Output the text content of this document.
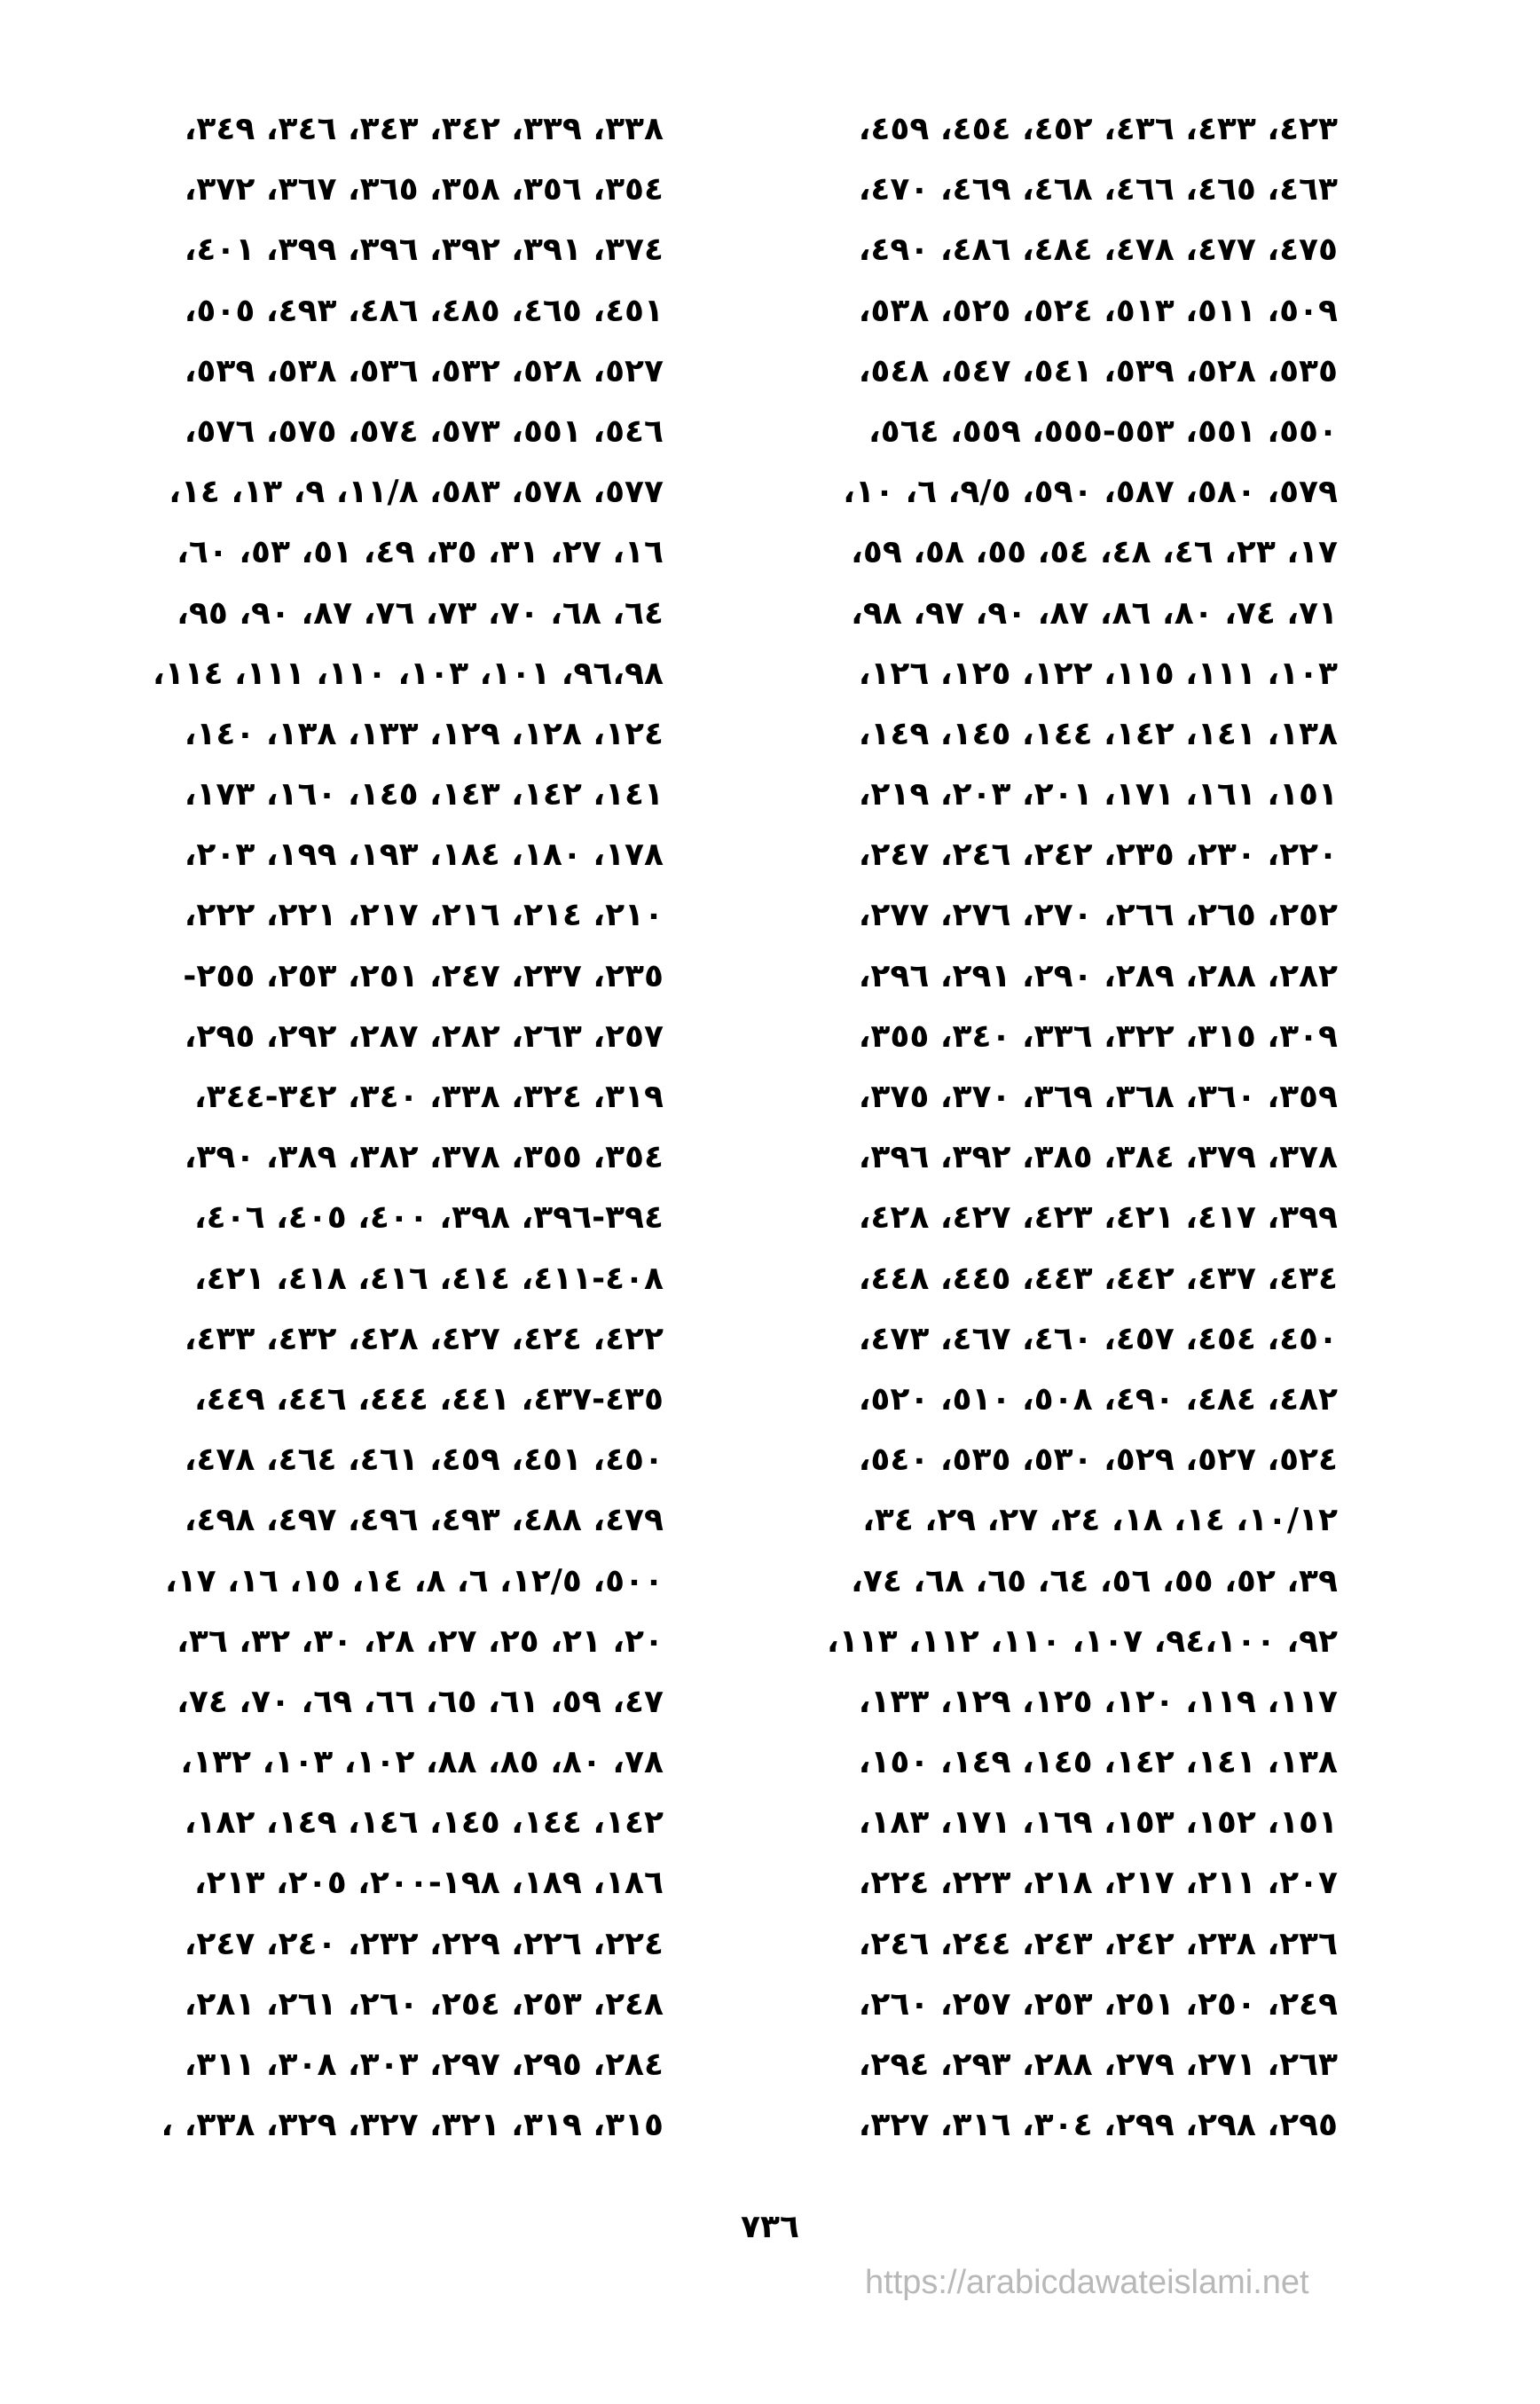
٤٢٣، ٤٣٣، ٤٣٦، ٤٥٢، ٤٥٤، ٤٥٩،
٤٦٣، ٤٦٥، ٤٦٦، ٤٦٨، ٤٦٩، ٤٧٠،
٤٧٥، ٤٧٧، ٤٧٨، ٤٨٤، ٤٨٦، ٤٩٠،
٥٠٩، ٥١١، ٥١٣، ٥٢٤، ٥٢٥، ٥٣٨،
٥٣٥، ٥٢٨، ٥٣٩، ٥٤١، ٥٤٧، ٥٤٨،
٥٥٠، ٥٥١، ٥٥٣-٥٥٥، ٥٥٩، ٥٦٤،
٥٧٩، ٥٨٠، ٥٨٧، ٥٩٠، ٩/٥، ٦، ١٠،
١٧، ٢٣، ٤٦، ٤٨، ٥٤، ٥٥، ٥٨، ٥٩،
٧١، ٧٤، ٨٠، ٨٦، ٨٧، ٩٠، ٩٧، ٩٨،
١٠٣، ١١١، ١١٥، ١٢٢، ١٢٥، ١٢٦،
١٣٨، ١٤١، ١٤٢، ١٤٤، ١٤٥، ١٤٩،
١٥١، ١٦١، ١٧١، ٢٠١، ٢٠٣، ٢١٩،
٢٢٠، ٢٣٠، ٢٣٥، ٢٤٢، ٢٤٦، ٢٤٧،
٢٥٢، ٢٦٥، ٢٦٦، ٢٧٠، ٢٧٦، ٢٧٧،
٢٨٢، ٢٨٨، ٢٨٩، ٢٩٠، ٢٩١، ٢٩٦،
٣٠٩، ٣١٥، ٣٢٢، ٣٣٦، ٣٤٠، ٣٥٥،
٣٥٩، ٣٦٠، ٣٦٨، ٣٦٩، ٣٧٠، ٣٧٥،
٣٧٨، ٣٧٩، ٣٨٤، ٣٨٥، ٣٩٢، ٣٩٦،
٣٩٩، ٤١٧، ٤٢١، ٤٢٣، ٤٢٧، ٤٢٨،
٤٣٤، ٤٣٧، ٤٤٢، ٤٤٣، ٤٤٥، ٤٤٨،
٤٥٠، ٤٥٤، ٤٥٧، ٤٦٠، ٤٦٧، ٤٧٣،
٤٨٢، ٤٨٤، ٤٩٠، ٥٠٨، ٥١٠، ٥٢٠،
٥٢٤، ٥٢٧، ٥٢٩، ٥٣٠، ٥٣٥، ٥٤٠،
١٠/١٢، ١٤، ١٨، ٢٤، ٢٧، ٢٩، ٣٤،
٣٩، ٥٢، ٥٥، ٥٦، ٦٤، ٦٥، ٦٨، ٧٤،
٩٢، ٩٤،١٠٠، ١٠٧، ١١٠، ١١٢، ١١٣،
١١٧، ١١٩، ١٢٠، ١٢٥، ١٢٩، ١٣٣،
١٣٨، ١٤١، ١٤٢، ١٤٥، ١٤٩، ١٥٠،
١٥١، ١٥٢، ١٥٣، ١٦٩، ١٧١، ١٨٣،
٢٠٧، ٢١١، ٢١٧، ٢١٨، ٢٢٣، ٢٢٤،
٢٣٦، ٢٣٨، ٢٤٢، ٢٤٣، ٢٤٤، ٢٤٦،
٢٤٩، ٢٥٠، ٢٥١، ٢٥٣، ٢٥٧، ٢٦٠،
٢٦٣، ٢٧١، ٢٧٩، ٢٨٨، ٢٩٣، ٢٩٤،
٢٩٥، ٢٩٨، ٢٩٩، ٣٠٤، ٣١٦، ٣٢٧،
٣٣٨، ٣٣٩، ٣٤٢، ٣٤٣، ٣٤٦، ٣٤٩،
٣٥٤، ٣٥٦، ٣٥٨، ٣٦٥، ٣٦٧، ٣٧٢،
٣٧٤، ٣٩١، ٣٩٢، ٣٩٦، ٣٩٩، ٤٠١،
٤٥١، ٤٦٥، ٤٨٥، ٤٨٦، ٤٩٣، ٥٠٥،
٥٢٧، ٥٢٨، ٥٣٢، ٥٣٦، ٥٣٨، ٥٣٩،
٥٤٦، ٥٥١، ٥٧٣، ٥٧٤، ٥٧٥، ٥٧٦،
٥٧٧، ٥٧٨، ٥٨٣، ١١/٨، ٩، ١٣، ١٤،
١٦، ٢٧، ٣١، ٣٥، ٤٩، ٥١، ٥٣، ٦٠،
٦٤، ٦٨، ٧٠، ٧٣، ٧٦، ٨٧، ٩٠، ٩٥،
٩٦،٩٨، ١٠١، ١٠٣، ١١٠، ١١١، ١١٤،
١٢٤، ١٢٨، ١٢٩، ١٣٣، ١٣٨، ١٤٠،
١٤١، ١٤٢، ١٤٣، ١٤٥، ١٦٠، ١٧٣،
١٧٨، ١٨٠، ١٨٤، ١٩٣، ١٩٩، ٢٠٣،
٢١٠، ٢١٤، ٢١٦، ٢١٧، ٢٢١، ٢٢٢،
٢٣٥، ٢٣٧، ٢٤٧، ٢٥١، ٢٥٣، ٢٥٥-
٢٥٧، ٢٦٣، ٢٨٢، ٢٨٧، ٢٩٢، ٢٩٥،
٣١٩، ٣٢٤، ٣٣٨، ٣٤٠، ٣٤٢-٣٤٤،
٣٥٤، ٣٥٥، ٣٧٨، ٣٨٢، ٣٨٩، ٣٩٠،
٣٩٤-٣٩٦، ٣٩٨، ٤٠٠، ٤٠٥، ٤٠٦،
٤٠٨-٤١١، ٤١٤، ٤١٦، ٤١٨، ٤٢١،
٤٢٢، ٤٢٤، ٤٢٧، ٤٢٨، ٤٣٢، ٤٣٣،
٤٣٥-٤٣٧، ٤٤١، ٤٤٤، ٤٤٦، ٤٤٩،
٤٥٠، ٤٥١، ٤٥٩، ٤٦١، ٤٦٤، ٤٧٨،
٤٧٩، ٤٨٨، ٤٩٣، ٤٩٦، ٤٩٧، ٤٩٨،
٥٠٠، ١٢/٥، ٦، ٨، ١٤، ١٥، ١٦، ١٧،
٢٠، ٢١، ٢٥، ٢٧، ٢٨، ٣٠، ٣٢، ٣٦،
٤٧، ٥٩، ٦١، ٦٥، ٦٦، ٦٩، ٧٠، ٧٤،
٧٨، ٨٠، ٨٥، ٨٨، ١٠٢، ١٠٣، ١٣٢،
١٤٢، ١٤٤، ١٤٥، ١٤٦، ١٤٩، ١٨٢،
١٨٦، ١٨٩، ١٩٨-٢٠٠، ٢٠٥، ٢١٣،
٢٢٤، ٢٢٦، ٢٢٩، ٢٣٢، ٢٤٠، ٢٤٧،
٢٤٨، ٢٥٣، ٢٥٤، ٢٦٠، ٢٦١، ٢٨١،
٢٨٤، ٢٩٥، ٢٩٧، ٣٠٣، ٣٠٨، ٣١١،
٣١٥، ٣١٩، ٣٢١، ٣٢٧، ٣٢٩، ٣٣٨، ،
٧٣٦
https://arabicdawateislami.net
